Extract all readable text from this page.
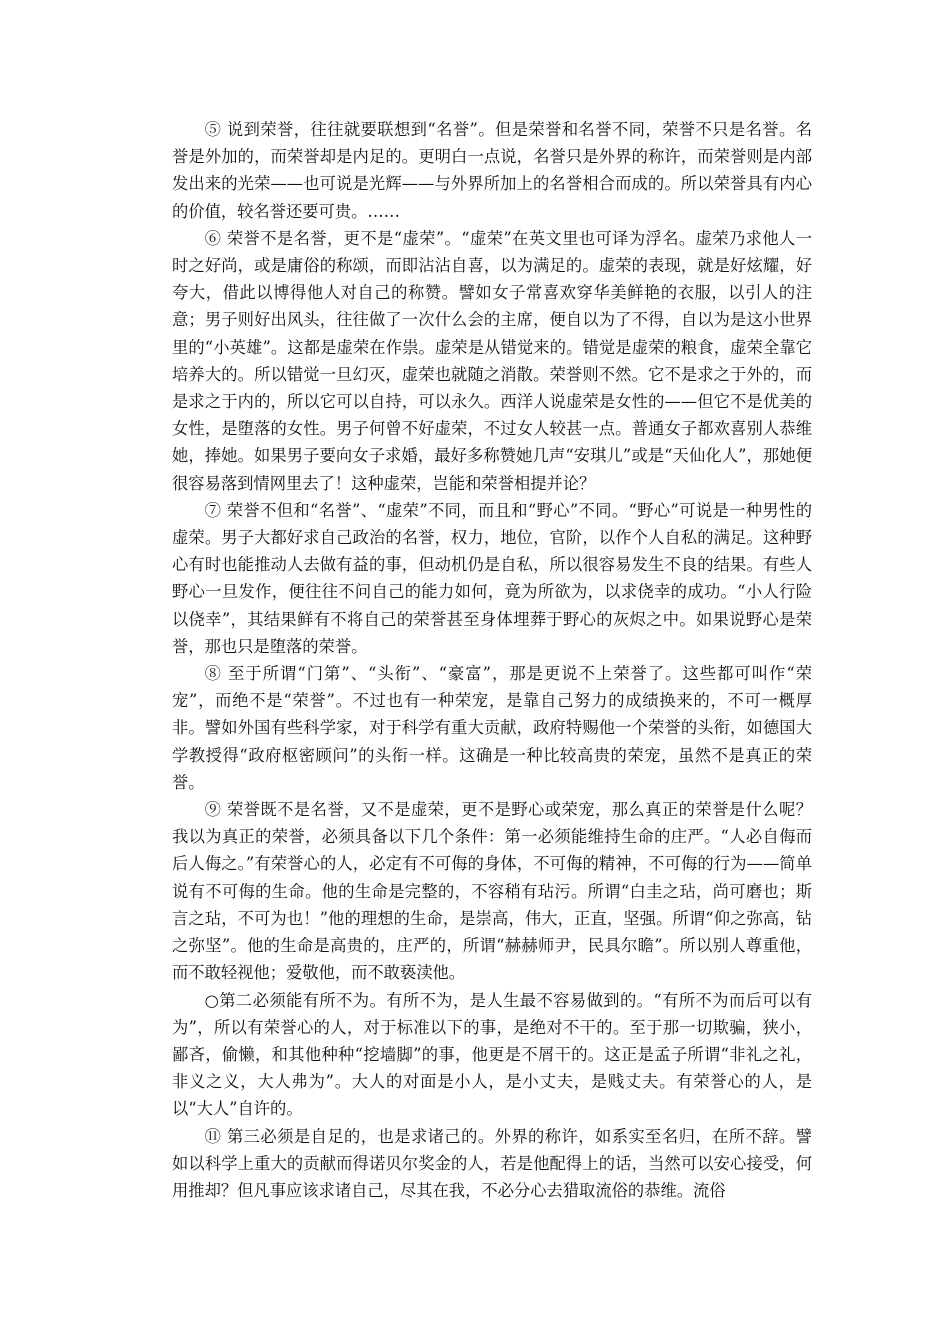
⑤ 说到荣誉，往往就要联想到“名誉”。但是荣誉和名誉不同，荣誉不只是名誉。名誉是外加的，而荣誉却是内足的。更明白一点说，名誉只是外界的称许，而荣誉则是内部发出来的光荣——也可说是光辉——与外界所加上的名誉相合而成的。所以荣誉具有内心的价值，较名誉还要可贵。……

⑥ 荣誉不是名誉，更不是“虚荣”。“虚荣”在英文里也可译为浮名。虚荣乃求他人一时之好尚，或是庸俗的称颂，而即沾沾自喜，以为满足的。虚荣的表现，就是好炫耀，好夸大，借此以博得他人对自己的称赞。譬如女子常喜欢穿华美鲜艳的衣服，以引人的注意；男子则好出风头，往往做了一次什么会的主席，便自以为了不得，自以为是这小世界里的“小英雄”。这都是虚荣在作祟。虚荣是从错觉来的。错觉是虚荣的粮食，虚荣全靠它培养大的。所以错觉一旦幻灭，虚荣也就随之消散。荣誉则不然。它不是求之于外的，而是求之于内的，所以它可以自持，可以永久。西洋人说虚荣是女性的——但它不是优美的女性，是堕落的女性。男子何曾不好虚荣，不过女人较甚一点。普通女子都欢喜别人恭维她，捧她。如果男子要向女子求婚，最好多称赞她几声“安琪儿”或是“天仙化人”，那她便很容易落到情网里去了！这种虚荣，岂能和荣誉相提并论？

⑦ 荣誉不但和“名誉”、“虚荣”不同，而且和“野心”不同。“野心”可说是一种男性的虚荣。男子大都好求自己政治的名誉，权力，地位，官阶，以作个人自私的满足。这种野心有时也能推动人去做有益的事，但动机仍是自私，所以很容易发生不良的结果。有些人野心一旦发作，便往往不问自己的能力如何，竟为所欲为，以求侥幸的成功。“小人行险以侥幸”，其结果鲜有不将自己的荣誉甚至身体埋葬于野心的灰烬之中。如果说野心是荣誉，那也只是堕落的荣誉。

⑧ 至于所谓“门第”、“头衔”、“豪富”，那是更说不上荣誉了。这些都可叫作“荣宠”，而绝不是“荣誉”。不过也有一种荣宠，是靠自己努力的成绩换来的，不可一概厚非。譬如外国有些科学家，对于科学有重大贡献，政府特赐他一个荣誉的头衔，如德国大学教授得“政府枢密顾问”的头衔一样。这确是一种比较高贵的荣宠，虽然不是真正的荣誉。

⑨ 荣誉既不是名誉，又不是虚荣，更不是野心或荣宠，那么真正的荣誉是什么呢？我以为真正的荣誉，必须具备以下几个条件：第一必须能维持生命的庄严。“人必自侮而后人侮之。”有荣誉心的人，必定有不可侮的身体，不可侮的精神，不可侮的行为——简单说有不可侮的生命。他的生命是完整的，不容稍有玷污。所谓“白圭之玷，尚可磨也；斯言之玷，不可为也！”他的理想的生命，是崇高，伟大，正直，坚强。所谓“仰之弥高，钻之弥坚”。他的生命是高贵的，庄严的，所谓“赫赫师尹，民具尔瞻”。所以别人尊重他，而不敢轻视他；爱敬他，而不敢亵渎他。

○第二必须能有所不为。有所不为，是人生最不容易做到的。“有所不为而后可以有为”，所以有荣誉心的人，对于标准以下的事，是绝对不干的。至于那一切欺骗，狭小，鄙吝，偷懒，和其他种种“挖墙脚”的事，他更是不屑干的。这正是孟子所谓“非礼之礼，非义之义，大人弗为”。大人的对面是小人，是小丈夫，是贱丈夫。有荣誉心的人，是以“大人”自许的。

⑪ 第三必须是自足的，也是求诸己的。外界的称许，如系实至名归，在所不辞。譬如以科学上重大的贡献而得诺贝尔奖金的人，若是他配得上的话，当然可以安心接受，何用推却？但凡事应该求诸自己，尽其在我，不必分心去猎取流俗的恭维。流俗
